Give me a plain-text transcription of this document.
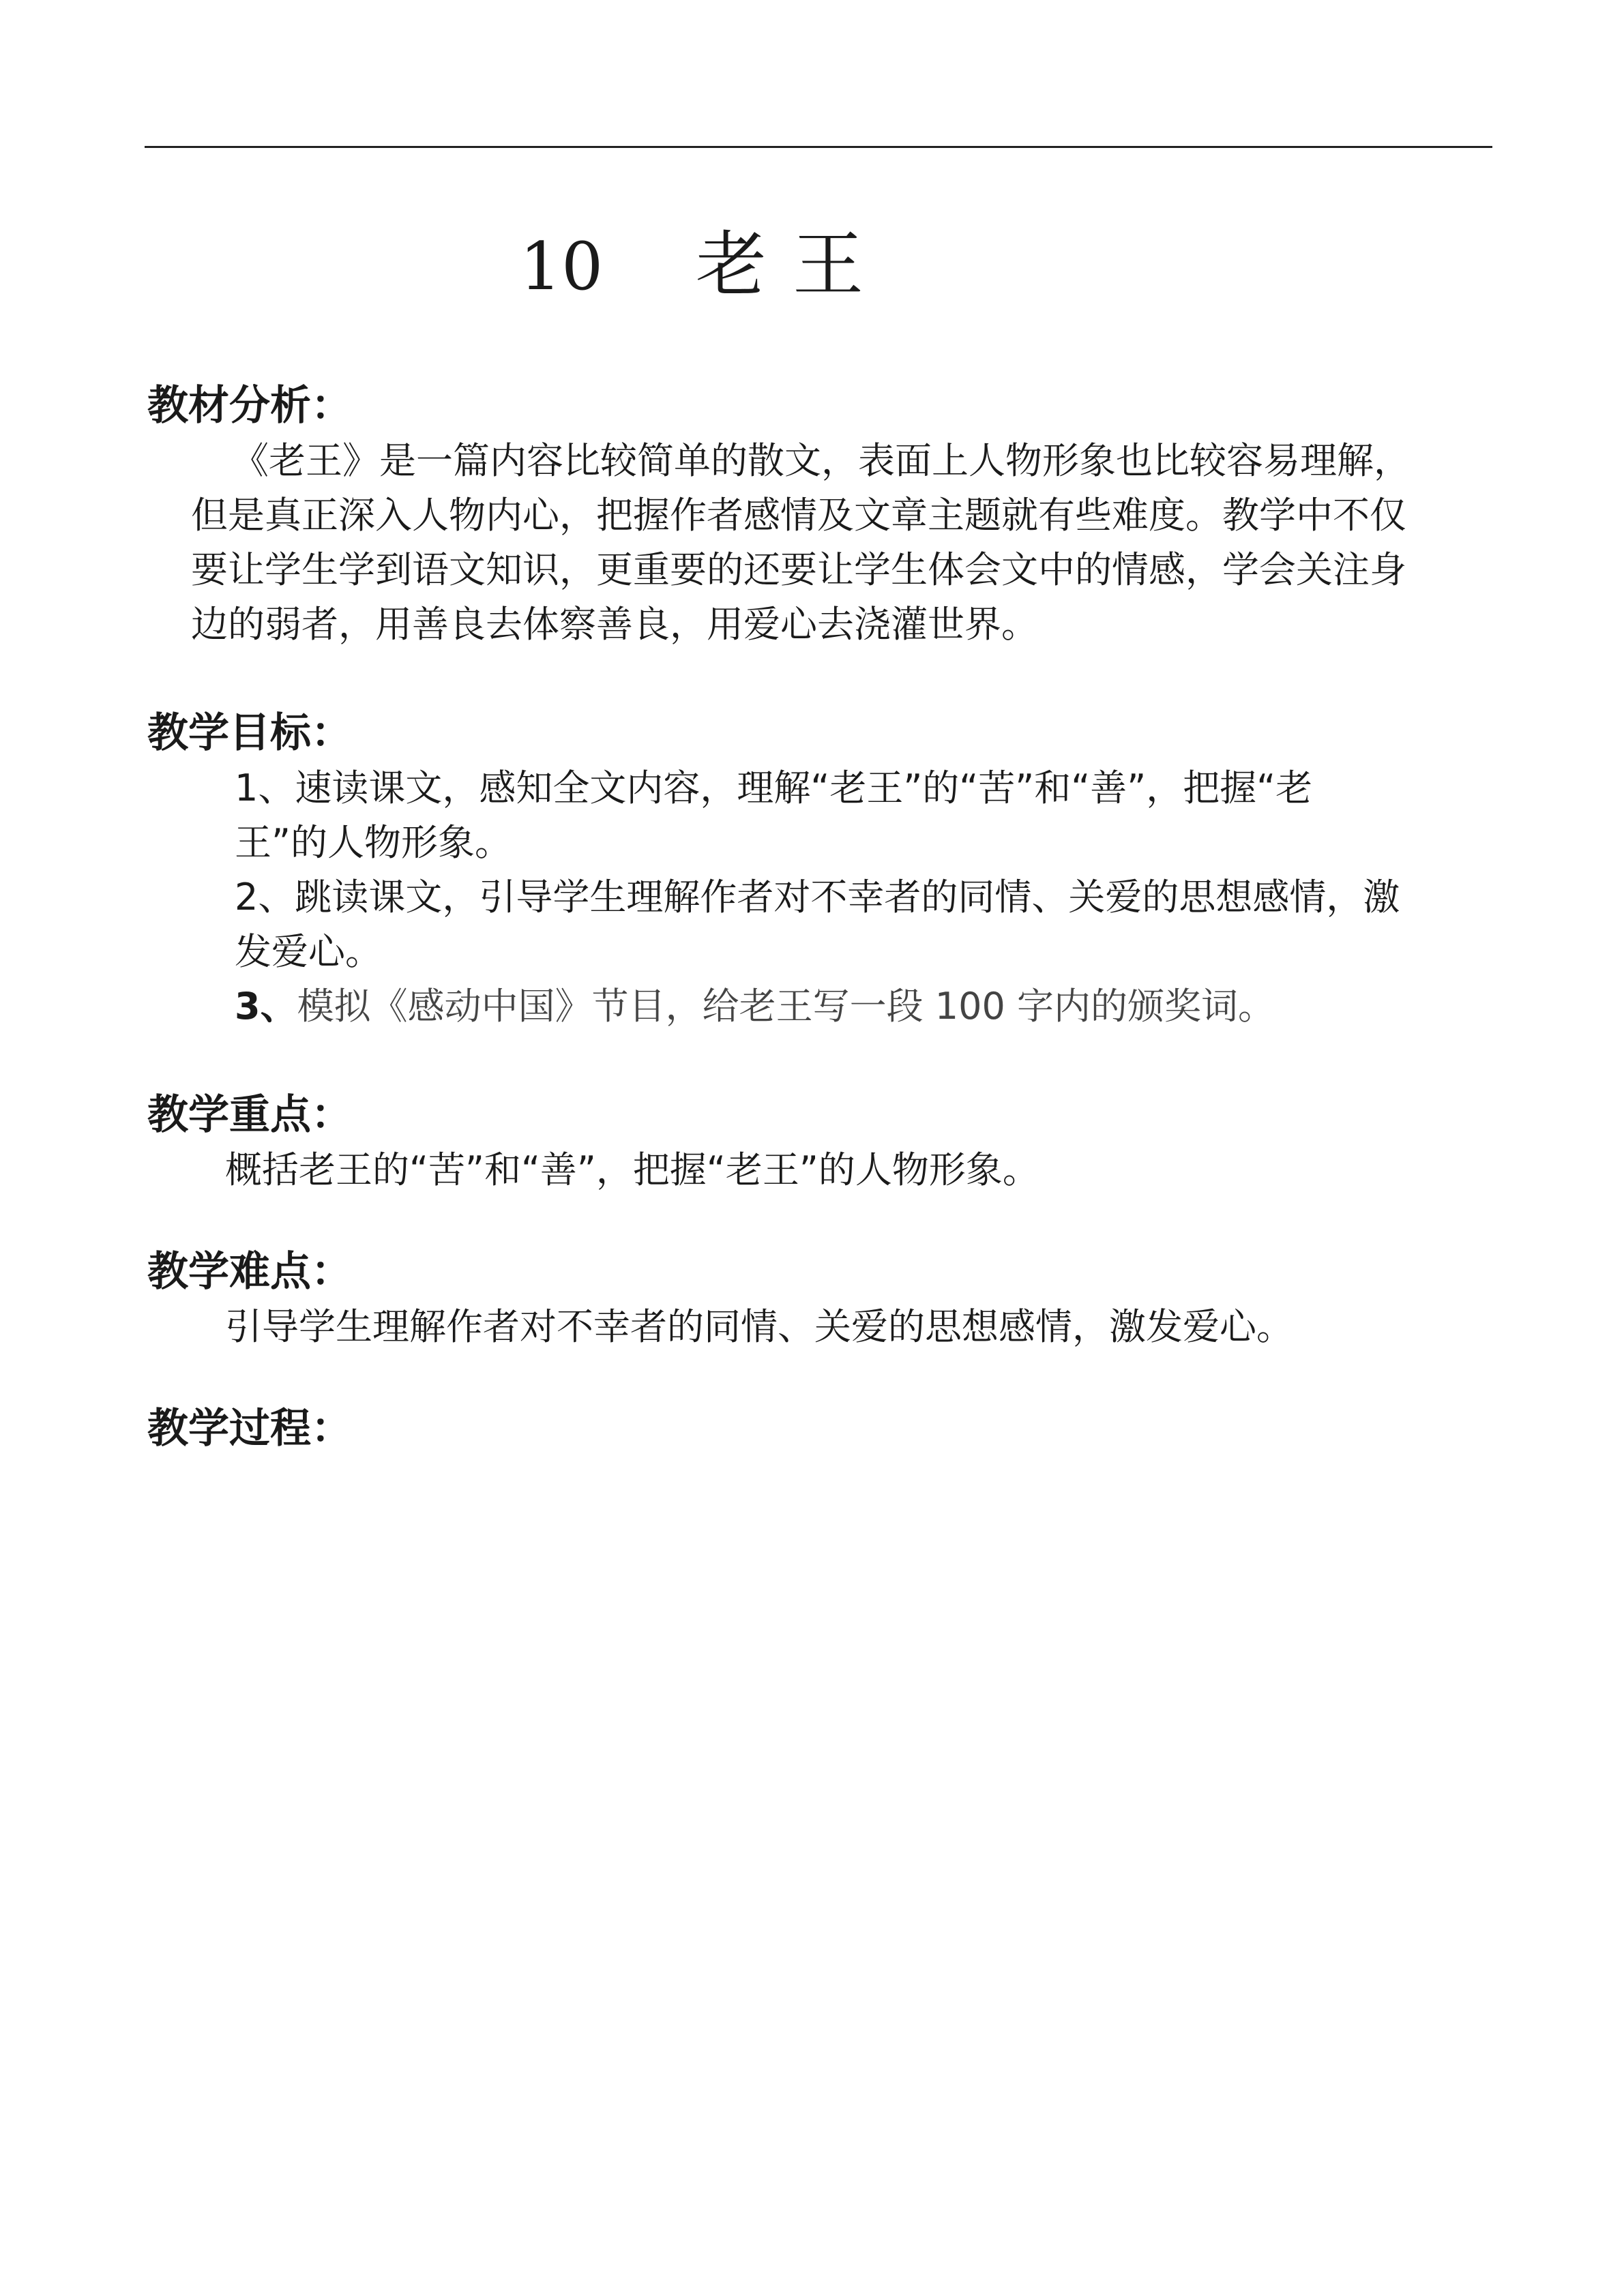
10 老王
教材分析：
《老王》是一篇内容比较简单的散文，表面上人物形象也比较容易理解，
但是真正深入人物内心，把握作者感情及文章主题就有些难度。教学中不仅
要让学生学到语文知识，更重要的还要让学生体会文中的情感，学会关注身
边的弱者，用善良去体察善良，用爱心去浇灌世界。
教学目标：
1、速读课文，感知全文内容，理解“老王”的“苦”和“善”，把握“老
王”的人物形象。
2、跳读课文，引导学生理解作者对不幸者的同情、关爱的思想感情，激
发爱心。
3、模拟《感动中国》节目，给老王写一段 100 字内的颁奖词。
教学重点：
概括老王的“苦”和“善”，把握“老王”的人物形象。
教学难点：
引导学生理解作者对不幸者的同情、关爱的思想感情，激发爱心。
教学过程：
